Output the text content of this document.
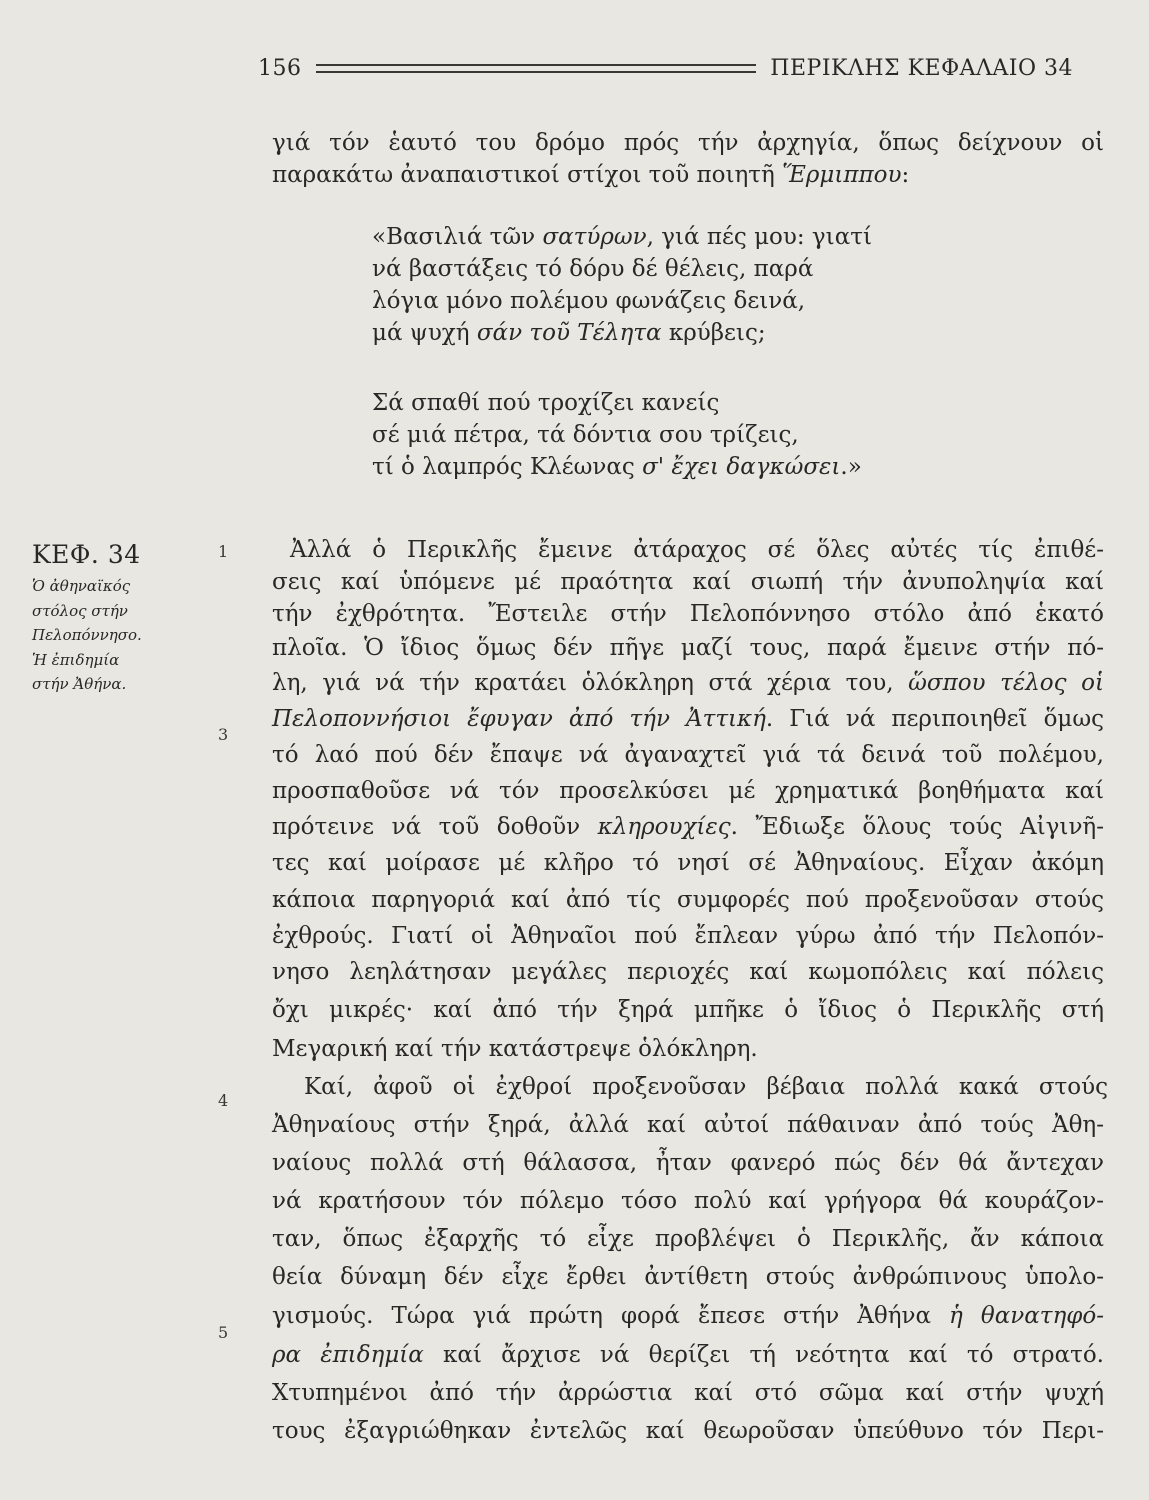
156	ΠΕΡΙΚΛΗΣ ΚΕΦΑΛΑΙΟ 34
γιά τόν ἑαυτό του δρόμο πρός τήν ἀρχηγία, ὅπως δείχνουν οἱ
παρακάτω ἀναπαιστικοί στίχοι τοῦ ποιητῆ Ἕρμιππου:
«Βασιλιά τῶν σατύρων, γιά πές μου: γιατί
νά βαστάξεις τό δόρυ δέ θέλεις, παρά
λόγια μόνο πολέμου φωνάζεις δεινά,
μά ψυχή σάν τοῦ Τέλητα κρύβεις;
Σά σπαθί πού τροχίζει κανείς
σέ μιά πέτρα, τά δόντια σου τρίζεις,
τί ὁ λαμπρός Κλέωνας σ' ἔχει δαγκώσει.»
ΚΕΦ. 34
Ὁ ἀθηναϊκός
στόλος στήν
Πελοπόννησο.
Ἡ ἐπιδημία
στήν Ἀθήνα.
1
3
4
5
Ἀλλά ὁ Περικλῆς ἔμεινε ἀτάραχος σέ ὅλες αὐτές τίς ἐπιθέ-
σεις καί ὑπόμενε μέ πραότητα καί σιωπή τήν ἀνυποληψία καί
τήν ἐχθρότητα. Ἔστειλε στήν Πελοπόννησο στόλο ἀπό ἑκατό
πλοῖα. Ὁ ἴδιος ὅμως δέν πῆγε μαζί τους, παρά ἔμεινε στήν πό-
λη, γιά νά τήν κρατάει ὁλόκληρη στά χέρια του, ὥσπου τέλος οἱ
Πελοποννήσιοι ἔφυγαν ἀπό τήν Ἀττική. Γιά νά περιποιηθεῖ ὅμως
τό λαό πού δέν ἔπαψε νά ἀγαναχτεῖ γιά τά δεινά τοῦ πολέμου,
προσπαθοῦσε νά τόν προσελκύσει μέ χρηματικά βοηθήματα καί
πρότεινε νά τοῦ δοθοῦν κληρουχίες. Ἔδιωξε ὅλους τούς Αἰγινῆ-
τες καί μοίρασε μέ κλῆρο τό νησί σέ Ἀθηναίους. Εἶχαν ἀκόμη
κάποια παρηγοριά καί ἀπό τίς συμφορές πού προξενοῦσαν στούς
ἐχθρούς. Γιατί οἱ Ἀθηναῖοι πού ἔπλεαν γύρω ἀπό τήν Πελοπόν-
νησο λεηλάτησαν μεγάλες περιοχές καί κωμοπόλεις καί πόλεις
ὄχι μικρές· καί ἀπό τήν ξηρά μπῆκε ὁ ἴδιος ὁ Περικλῆς στή
Μεγαρική καί τήν κατάστρεψε ὁλόκληρη.
Καί, ἀφοῦ οἱ ἐχθροί προξενοῦσαν βέβαια πολλά κακά στούς
Ἀθηναίους στήν ξηρά, ἀλλά καί αὐτοί πάθαιναν ἀπό τούς Ἀθη-
ναίους πολλά στή θάλασσα, ἦταν φανερό πώς δέν θά ἄντεχαν
νά κρατήσουν τόν πόλεμο τόσο πολύ καί γρήγορα θά κουράζον-
ταν, ὅπως ἐξαρχῆς τό εἶχε προβλέψει ὁ Περικλῆς, ἄν κάποια
θεία δύναμη δέν εἶχε ἔρθει ἀντίθετη στούς ἀνθρώπινους ὑπολο-
γισμούς. Τώρα γιά πρώτη φορά ἔπεσε στήν Ἀθήνα ἡ θανατηφό-
ρα ἐπιδημία καί ἄρχισε νά θερίζει τή νεότητα καί τό στρατό.
Χτυπημένοι ἀπό τήν ἀρρώστια καί στό σῶμα καί στήν ψυχή
τους ἐξαγριώθηκαν ἐντελῶς καί θεωροῦσαν ὑπεύθυνο τόν Περι-
